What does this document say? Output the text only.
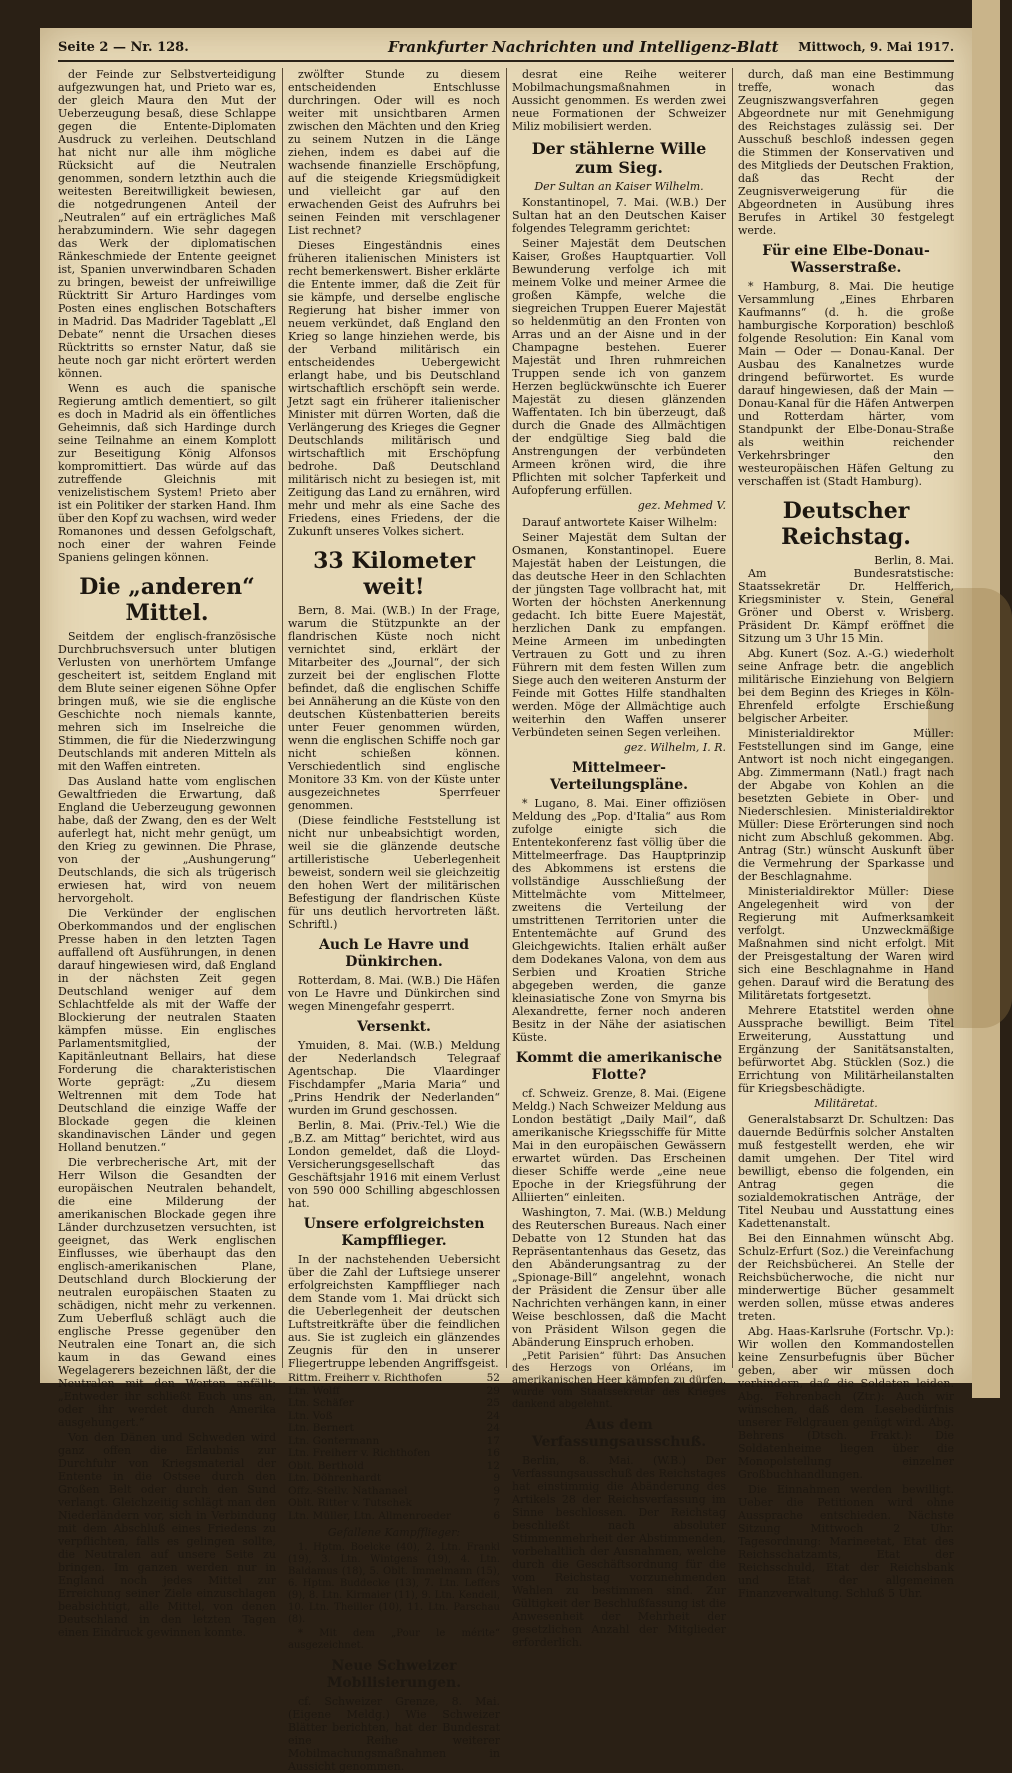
Seite 2 — Nr. 128.	Frankfurter Nachrichten und Intelligenz-Blatt Mittwoch, 9. Mai 1917.

der Feinde zur Selbstverteidigung aufgezwungen hat, und Prieto war es, der gleich Maura den Mut der Ueberzeugung besaß, diese Schlappe gegen die Entente-Diplomaten Ausdruck zu verleihen. Deutschland hat nicht nur alle ihm mögliche Rücksicht auf die Neutralen genommen, sondern letzthin auch die weitesten Bereitwilligkeit bewiesen, die notgedrungenen Anteil der „Neutralen“ auf ein erträgliches Maß herabzumindern. Wie sehr dagegen das Werk der diplomatischen Ränkeschmiede der Entente geeignet ist, Spanien unverwindbaren Schaden zu bringen, beweist der unfreiwillige Rücktritt Sir Arturo Hardinges vom Posten eines englischen Botschafters in Madrid. Das Madrider Tageblatt „El Debate“ nennt die Ursachen dieses Rücktritts so ernster Natur, daß sie heute noch gar nicht erörtert werden können.

Wenn es auch die spanische Regierung amtlich dementiert, so gilt es doch in Madrid als ein öffentliches Geheimnis, daß sich Hardinge durch seine Teilnahme an einem Komplott zur Beseitigung König Alfonsos kompromittiert. Das würde auf das zutreffende Gleichnis mit venizelistischem System! Prieto aber ist ein Politiker der starken Hand. Ihm über den Kopf zu wachsen, wird weder Romanones und dessen Gefolgschaft, noch einer der wahren Feinde Spaniens gelingen können.

Die „anderen“ Mittel.

Seitdem der englisch-französische Durchbruchsversuch unter blutigen Verlusten von unerhörtem Umfange gescheitert ist, seitdem England mit dem Blute seiner eigenen Söhne Opfer bringen muß, wie sie die englische Geschichte noch niemals kannte, mehren sich im Inselreiche die Stimmen, die für die Niederzwingung Deutschlands mit anderen Mitteln als mit den Waffen eintreten.

Das Ausland hatte vom englischen Gewaltfrieden die Erwartung, daß England die Ueberzeugung gewonnen habe, daß der Zwang, den es der Welt auferlegt hat, nicht mehr genügt, um den Krieg zu gewinnen. Die Phrase, von der „Aushungerung“ Deutschlands, die sich als trügerisch erwiesen hat, wird von neuem hervorgeholt.

Die Verkünder der englischen Oberkommandos und der englischen Presse haben in den letzten Tagen auffallend oft Ausführungen, in denen darauf hingewiesen wird, daß England in der nächsten Zeit gegen Deutschland weniger auf dem Schlachtfelde als mit der Waffe der Blockierung der neutralen Staaten kämpfen müsse. Ein englisches Parlamentsmitglied, der Kapitänleutnant Bellairs, hat diese Forderung die charakteristischen Worte geprägt: „Zu diesem Weltrennen mit dem Tode hat Deutschland die einzige Waffe der Blockade gegen die kleinen skandinavischen Länder und gegen Holland benutzen.“

Die verbrecherische Art, mit der Herr Wilson die Gesandten der europäischen Neutralen behandelt, die eine Milderung der amerikanischen Blockade gegen ihre Länder durchzusetzen versuchten, ist geeignet, das Werk englischen Einflusses, wie überhaupt das den englisch-amerikanischen Plane, Deutschland durch Blockierung der neutralen europäischen Staaten zu schädigen, nicht mehr zu verkennen. Zum Ueberfluß schlägt auch die englische Presse gegenüber den Neutralen eine Tonart an, die sich kaum in das Gewand eines Wegelagerers bezeichnen läßt, der die Neutralen mit den Worten anfällt: „Entweder ihr schließt Euch uns an, oder ihr werdet durch Amerika ausgehungert.“

Von den Dänen und Schweden wird ganz offen die Erlaubnis zur Durchfuhr von Kriegsmaterial der Entente in die Ostsee durch den Großen Belt oder durch den Sund verlangt. Gleichzeitig schlägt man den Niederländern vor, sich in Verbindung mit dem Abschluß eines Friedens zu verpflichten, falls es gelingen sollte, die Neutralen auf unsere Seite zu bringen. Im ganzen werden nur in England noch jedes Mittel zur Erreichung seiner Ziele einzuschlagen beabsichtigt, alle Mittel, von denen Deutschland in den letzten Tagen einen Eindruck gewinnen konnte.

zwölfter Stunde zu diesem entscheidenden Entschlusse durchringen. Oder will es noch weiter mit unsichtbaren Armen zwischen den Mächten und den Krieg zu seinem Nutzen in die Länge ziehen, indem es dabei auf die wachsende finanzielle Erschöpfung, auf die steigende Kriegsmüdigkeit und vielleicht gar auf den erwachenden Geist des Aufruhrs bei seinen Feinden mit verschlagener List rechnet?

Dieses Eingeständnis eines früheren italienischen Ministers ist recht bemerkenswert. Bisher erklärte die Entente immer, daß die Zeit für sie kämpfe, und derselbe englische Regierung hat bisher immer von neuem verkündet, daß England den Krieg so lange hinziehen werde, bis der Verband militärisch ein entscheidendes Uebergewicht erlangt habe, und bis Deutschland wirtschaftlich erschöpft sein werde. Jetzt sagt ein früherer italienischer Minister mit dürren Worten, daß die Verlängerung des Krieges die Gegner Deutschlands militärisch und wirtschaftlich mit Erschöpfung bedrohe. Daß Deutschland militärisch nicht zu besiegen ist, mit Zeitigung das Land zu ernähren, wird mehr und mehr als eine Sache des Friedens, eines Friedens, der die Zukunft unseres Volkes sichert.

33 Kilometer weit!

Bern, 8. Mai. (W.B.) In der Frage, warum die Stützpunkte an der flandrischen Küste noch nicht vernichtet sind, erklärt der Mitarbeiter des „Journal“, der sich zurzeit bei der englischen Flotte befindet, daß die englischen Schiffe bei Annäherung an die Küste von den deutschen Küstenbatterien bereits unter Feuer genommen würden, wenn die englischen Schiffe noch gar nicht schießen können. Verschiedentlich sind englische Monitore 33 Km. von der Küste unter ausgezeichnetes Sperrfeuer genommen.

(Diese feindliche Feststellung ist nicht nur unbeabsichtigt worden, weil sie die glänzende deutsche artilleristische Ueberlegenheit beweist, sondern weil sie gleichzeitig den hohen Wert der militärischen Befestigung der flandrischen Küste für uns deutlich hervortreten läßt. Schriftl.)

Auch Le Havre und Dünkirchen.

Rotterdam, 8. Mai. (W.B.) Die Häfen von Le Havre und Dünkirchen sind wegen Minengefahr gesperrt.

Versenkt.

Ymuiden, 8. Mai. (W.B.) Meldung der Nederlandsch Telegraaf Agentschap. Die Vlaardinger Fischdampfer „Maria Maria“ und „Prins Hendrik der Nederlanden“ wurden im Grund geschossen.

Berlin, 8. Mai. (Priv.-Tel.) Wie die „B.Z. am Mittag“ berichtet, wird aus London gemeldet, daß die Lloyd-Versicherungsgesellschaft das Geschäftsjahr 1916 mit einem Verlust von 590 000 Schilling abgeschlossen hat.

Unsere erfolgreichsten Kampfflieger.

In der nachstehenden Uebersicht über die Zahl der Luftsiege unserer erfolgreichsten Kampfflieger nach dem Stande vom 1. Mai drückt sich die Ueberlegenheit der deutschen Luftstreitkräfte über die feindlichen aus. Sie ist zugleich ein glänzendes Zeugnis für den in unserer Fliegertruppe lebenden Angriffsgeist.

Rittm. Freiherr v. Richthofen	52
Ltn. Wolff	29
Ltn. Schäfer	25
Ltn. Voß	24
Ltn. Bernert	24
Ltn. Gontermann	17
Ltn. Freiherr v. Richthofen	16
Oblt. Berthold	12
Ltn. Döhrenhardt	9
Offz.-Stellv. Nathanael	9
Oblt. Ritter v. Tutschek	7
Ltn. Müller, Ltn. Allmenroeder	6
Gefallene Kampfflieger:

1. Hptm. Boelcke (40), 2. Ltn. Frankl (19), 3. Ltn. Wintgens (19), 4. Ltn. Baldamus (18), 5. Oblt. Immelmann (15), 6. Hptm. Buddecke (13), 7. Ltn. Leffers (9), 8. Ltn. Kirmaier (11), 9. Ltn. Kendell, 10. Ltn. Theiller (10), 11. Ltn. Parschau (8).

* Mit dem „Pour le mérite“ ausgezeichnet.

Neue Schweizer Mobilisierungen.

cf. Schweizer Grenze, 8. Mai. (Eigene Meldg.) Wie Schweizer Blätter berichten, hat der Bundesrat eine Reihe weiterer Mobilmachungsmaßnahmen in Aussicht genommen.

desrat eine Reihe weiterer Mobilmachungsmaßnahmen in Aussicht genommen. Es werden zwei neue Formationen der Schweizer Miliz mobilisiert werden.

Der stählerne Wille zum Sieg.
Der Sultan an Kaiser Wilhelm.

Konstantinopel, 7. Mai. (W.B.) Der Sultan hat an den Deutschen Kaiser folgendes Telegramm gerichtet:

Seiner Majestät dem Deutschen Kaiser, Großes Hauptquartier. Voll Bewunderung verfolge ich mit meinem Volke und meiner Armee die großen Kämpfe, welche die siegreichen Truppen Euerer Majestät so heldenmütig an den Fronten von Arras und an der Aisne und in der Champagne bestehen. Euerer Majestät und Ihren ruhmreichen Truppen sende ich von ganzem Herzen beglückwünschte ich Euerer Majestät zu diesen glänzenden Waffentaten. Ich bin überzeugt, daß durch die Gnade des Allmächtigen der endgültige Sieg bald die Anstrengungen der verbündeten Armeen krönen wird, die ihre Pflichten mit solcher Tapferkeit und Aufopferung erfüllen.

gez. Mehmed V.

Darauf antwortete Kaiser Wilhelm:

Seiner Majestät dem Sultan der Osmanen, Konstantinopel. Euere Majestät haben der Leistungen, die das deutsche Heer in den Schlachten der jüngsten Tage vollbracht hat, mit Worten der höchsten Anerkennung gedacht. Ich bitte Euere Majestät, herzlichen Dank zu empfangen. Meine Armeen im unbedingten Vertrauen zu Gott und zu ihren Führern mit dem festen Willen zum Siege auch den weiteren Ansturm der Feinde mit Gottes Hilfe standhalten werden. Möge der Allmächtige auch weiterhin den Waffen unserer Verbündeten seinen Segen verleihen.

gez. Wilhelm, I. R.
Mittelmeer-Verteilungspläne.

* Lugano, 8. Mai. Einer offiziösen Meldung des „Pop. d'Italia“ aus Rom zufolge einigte sich die Ententekonferenz fast völlig über die Mittelmeerfrage. Das Hauptprinzip des Abkommens ist erstens die vollständige Ausschließung der Mittelmächte vom Mittelmeer, zweitens die Verteilung der umstrittenen Territorien unter die Ententemächte auf Grund des Gleichgewichts. Italien erhält außer dem Dodekanes Valona, von dem aus Serbien und Kroatien Striche abgegeben werden, die ganze kleinasiatische Zone von Smyrna bis Alexandrette, ferner noch anderen Besitz in der Nähe der asiatischen Küste.

Kommt die amerikanische Flotte?

cf. Schweiz. Grenze, 8. Mai. (Eigene Meldg.) Nach Schweizer Meldung aus London bestätigt „Daily Mail“, daß amerikanische Kriegsschiffe für Mitte Mai in den europäischen Gewässern erwartet würden. Das Erscheinen dieser Schiffe werde „eine neue Epoche in der Kriegsführung der Alliierten“ einleiten.

Washington, 7. Mai. (W.B.) Meldung des Reuterschen Bureaus. Nach einer Debatte von 12 Stunden hat das Repräsentantenhaus das Gesetz, das den Abänderungsantrag zu der „Spionage-Bill“ angelehnt, wonach der Präsident die Zensur über alle Nachrichten verhängen kann, in einer Weise beschlossen, daß die Macht von Präsident Wilson gegen die Abänderung Einspruch erhoben.

„Petit Parisien“ führt: Das Ansuchen des Herzogs von Orléans, im amerikanischen Heer kämpfen zu dürfen, wurde vom Staatssekretär des Krieges dankend abgelehnt.

Aus dem Verfassungsausschuß.

Berlin, 8. Mai. (W.B.) Der Verfassungsausschuß des Reichstages hat einstimmig die Abänderung des Artikels 28 der Reichsverfassung im Sinne beschlossen. Der Reichstag beschließt nach absoluter Stimmenmehrheit der Abstimmenden, vorbehaltlich der Ausnahmen, welche durch die Geschäftsordnung für die vom Reichstag vorzunehmenden Wahlen zu bestimmen sind. Zur Gültigkeit der Beschlußfassung ist die Anwesenheit der Mehrheit der gesetzlichen Anzahl der Mitglieder erforderlich.

durch, daß man eine Bestimmung treffe, wonach das Zeugniszwangsverfahren gegen Abgeordnete nur mit Genehmigung des Reichstages zulässig sei. Der Ausschuß beschloß indessen gegen die Stimmen der Konservativen und des Mitglieds der Deutschen Fraktion, daß das Recht der Zeugnisverweigerung für die Abgeordneten in Ausübung ihres Berufes in Artikel 30 festgelegt werde.

Für eine Elbe-Donau-Wasserstraße.

* Hamburg, 8. Mai. Die heutige Versammlung „Eines Ehrbaren Kaufmanns“ (d. h. die große hamburgische Korporation) beschloß folgende Resolution: Ein Kanal vom Main — Oder — Donau-Kanal. Der Ausbau des Kanalnetzes wurde dringend befürwortet. Es wurde darauf hingewiesen, daß der Main — Donau-Kanal für die Häfen Antwerpen und Rotterdam härter, vom Standpunkt der Elbe-Donau-Straße als weithin reichender Verkehrsbringer den westeuropäischen Häfen Geltung zu verschaffen ist (Stadt Hamburg).

Deutscher Reichstag.
Berlin, 8. Mai.

Am Bundesratstische: Staatssekretär Dr. Helfferich, Kriegsminister v. Stein, General Gröner und Oberst v. Wrisberg. Präsident Dr. Kämpf eröffnet die Sitzung um 3 Uhr 15 Min.

Abg. Kunert (Soz. A.-G.) wiederholt seine Anfrage betr. die angeblich militärische Einziehung von Belgiern bei dem Beginn des Krieges in Köln-Ehrenfeld erfolgte Erschießung belgischer Arbeiter.

Ministerialdirektor Müller: Feststellungen sind im Gange, eine Antwort ist noch nicht eingegangen. Abg. Zimmermann (Natl.) fragt nach der Abgabe von Kohlen an die besetzten Gebiete in Ober- und Niederschlesien. Ministerialdirektor Müller: Diese Erörterungen sind noch nicht zum Abschluß gekommen. Abg. Antrag (Str.) wünscht Auskunft über die Vermehrung der Sparkasse und der Beschlagnahme.

Ministerialdirektor Müller: Diese Angelegenheit wird von der Regierung mit Aufmerksamkeit verfolgt. Unzweckmäßige Maßnahmen sind nicht erfolgt. Mit der Preisgestaltung der Waren wird sich eine Beschlagnahme in Hand gehen. Darauf wird die Beratung des Militäretats fortgesetzt.

Mehrere Etatstitel werden ohne Aussprache bewilligt. Beim Titel Erweiterung, Ausstattung und Ergänzung der Sanitätsanstalten, befürwortet Abg. Stücklen (Soz.) die Errichtung von Militärheilanstalten für Kriegsbeschädigte.

Militäretat.

Generalstabsarzt Dr. Schultzen: Das dauernde Bedürfnis solcher Anstalten muß festgestellt werden, ehe wir damit umgehen. Der Titel wird bewilligt, ebenso die folgenden, ein Antrag gegen die sozialdemokratischen Anträge, der Titel Neubau und Ausstattung eines Kadettenanstalt.

Bei den Einnahmen wünscht Abg. Schulz-Erfurt (Soz.) die Vereinfachung der Reichsbücherei. An Stelle der Reichsbücherwoche, die nicht nur minderwertige Bücher gesammelt werden sollen, müsse etwas anderes treten.

Abg. Haas-Karlsruhe (Fortschr. Vp.): Wir wollen den Kommandostellen keine Zensurbefugnis über Bücher geben, aber wir müssen doch verhindern, daß die Soldaten leiden. Abg. Fehrenbach (Ztr.): Auch wir wünschen, daß dem Lesebedürfnis unserer Feldgrauen genügt wird. Abg. Behrens (Dtsch. Frakt.): Die Soldatenheime liegen über die Monopolstellung einzelner Großbuchhandlungen.

Die Einnahmen werden bewilligt. Ueber die Petitionen wird ohne Aussprache entschieden. Nächste Sitzung Mittwoch 2 Uhr. Tagesordnung: Marineetat, Etat des Reichsschatzamts, Etat der Reichsschuld, Etat der Reichsbank und Etat der allgemeinen Finanzverwaltung. Schluß 5 Uhr.
